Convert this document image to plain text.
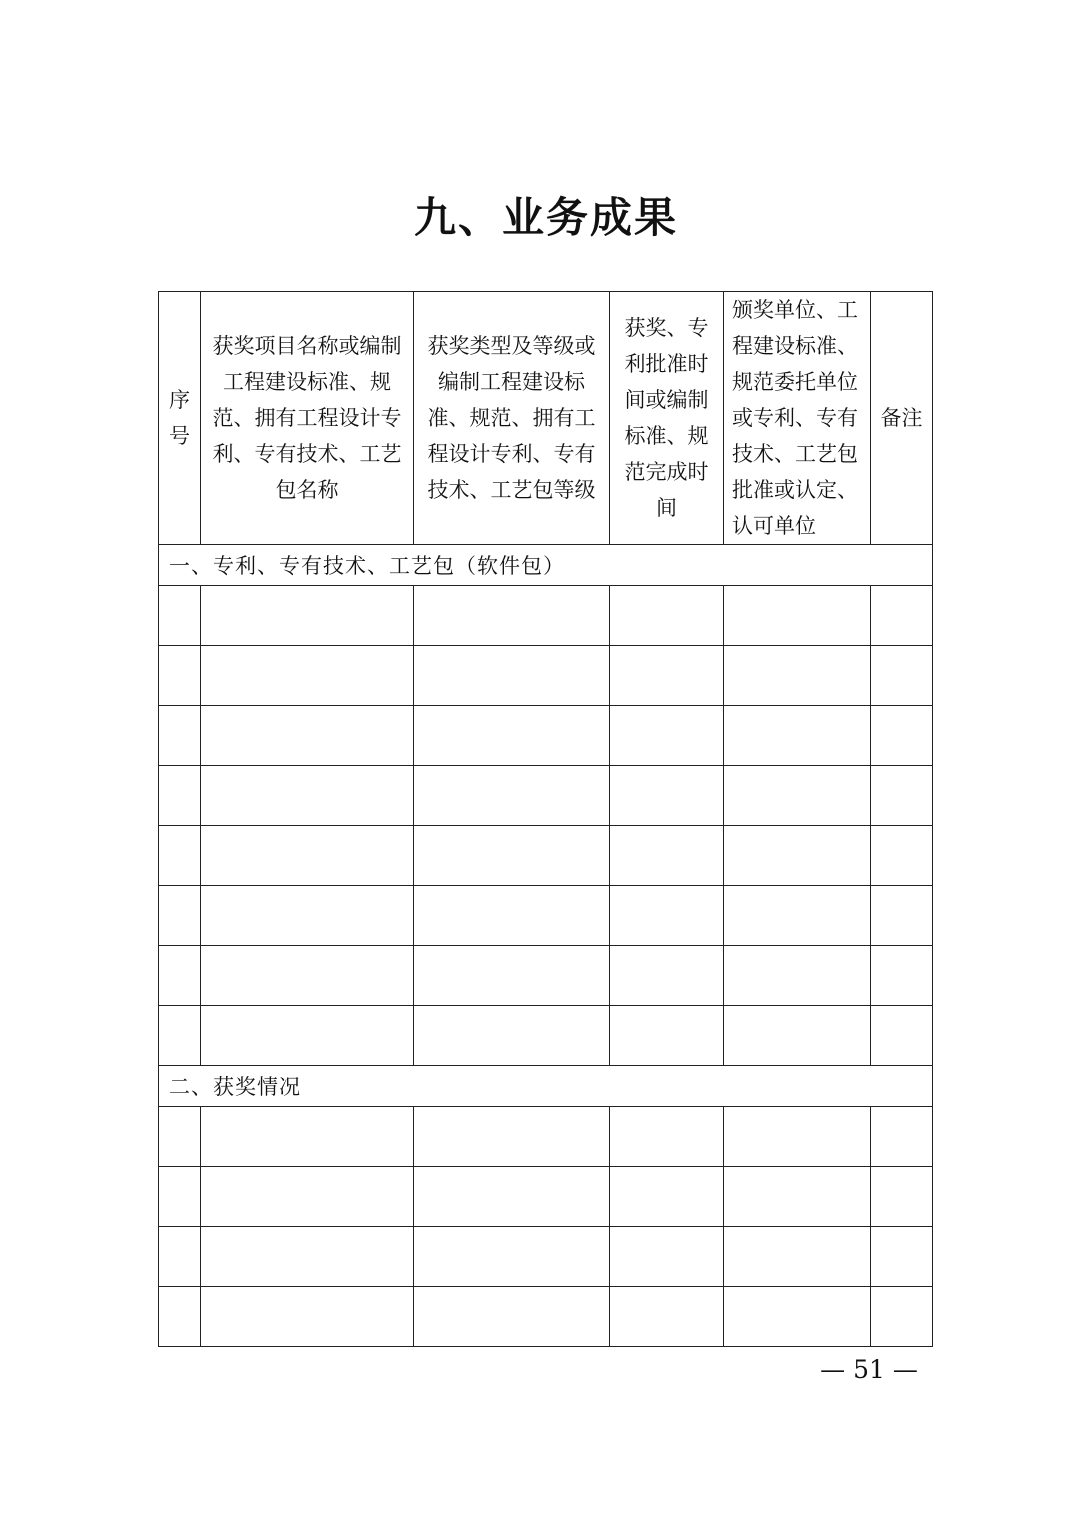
九、业务成果
序号	获奖项目名称或编制工程建设标准、规范、拥有工程设计专利、专有技术、工艺包名称	获奖类型及等级或编制工程建设标准、规范、拥有工程设计专利、专有技术、工艺包等级	获奖、专利批准时间或编制标准、规范完成时间	颁奖单位、工程建设标准、规范委托单位或专利、专有技术、工艺包批准或认定、认可单位	备注
一、专利、专有技术、工艺包（软件包）					

二、获奖情况					

— 51 —
